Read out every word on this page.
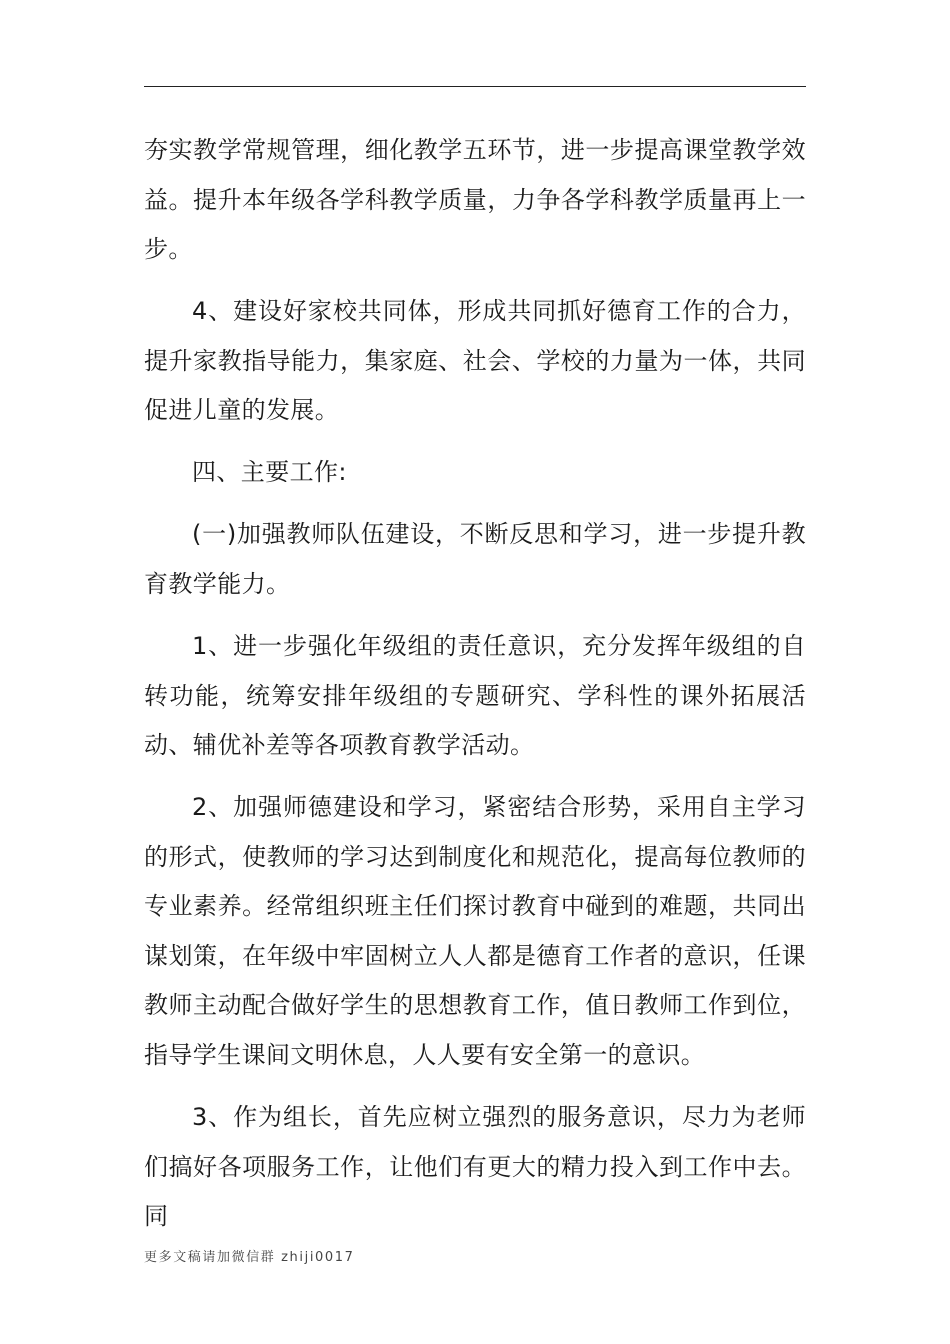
夯实教学常规管理，细化教学五环节，进一步提高课堂教学效益。提升本年级各学科教学质量，力争各学科教学质量再上一步。

4、建设好家校共同体，形成共同抓好德育工作的合力，提升家教指导能力，集家庭、社会、学校的力量为一体，共同促进儿童的发展。

四、主要工作:

(一)加强教师队伍建设，不断反思和学习，进一步提升教育教学能力。

1、进一步强化年级组的责任意识，充分发挥年级组的自转功能，统筹安排年级组的专题研究、学科性的课外拓展活动、辅优补差等各项教育教学活动。

2、加强师德建设和学习，紧密结合形势，采用自主学习的形式，使教师的学习达到制度化和规范化，提高每位教师的专业素养。经常组织班主任们探讨教育中碰到的难题，共同出谋划策，在年级中牢固树立人人都是德育工作者的意识，任课教师主动配合做好学生的思想教育工作，值日教师工作到位，指导学生课间文明休息，人人要有安全第一的意识。

3、作为组长，首先应树立强烈的服务意识，尽力为老师们搞好各项服务工作，让他们有更大的精力投入到工作中去。同

更多文稿请加微信群 zhiji0017
